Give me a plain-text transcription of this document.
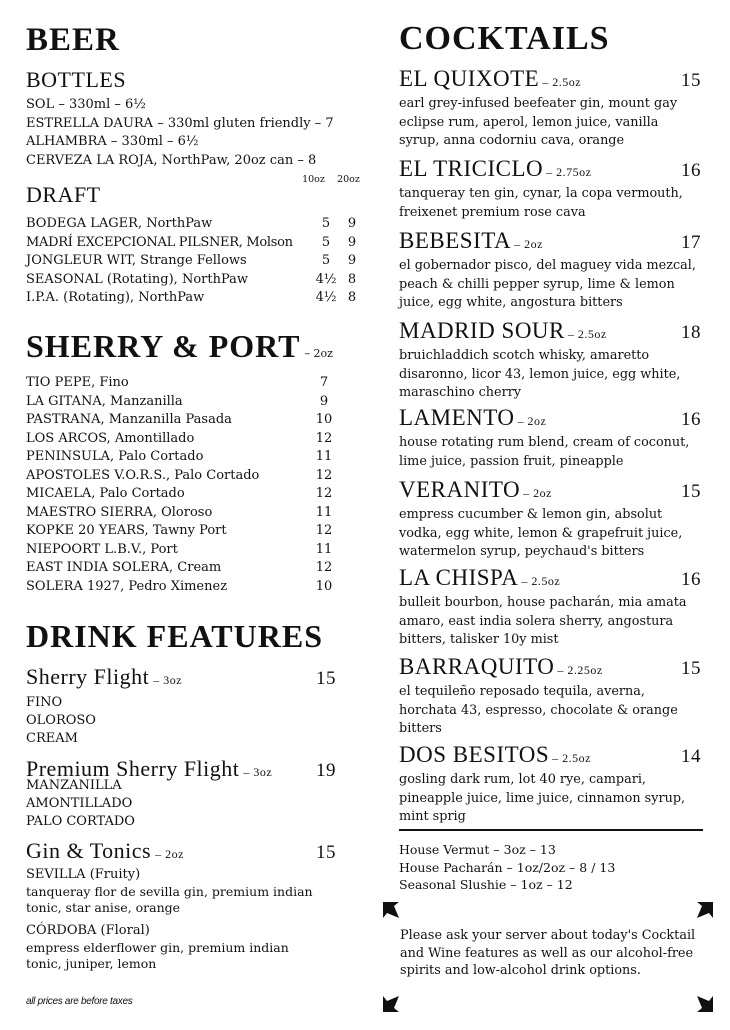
BEER
BOTTLES
SOL – 330ml – 6½
ESTRELLA DAURA – 330ml gluten friendly – 7
ALHAMBRA – 330ml – 6½
CERVEZA LA ROJA, NorthPaw, 20oz can – 8
10oz	20oz
DRAFT
BODEGA LAGER, NorthPaw	5	9
MADRÍ EXCEPCIONAL PILSNER, Molson	5	9
JONGLEUR WIT, Strange Fellows	5	9
SEASONAL (Rotating), NorthPaw	4½ 8
I.P.A. (Rotating), NorthPaw	4½ 8
SHERRY & PORT – 2oz
TIO PEPE, Fino	7
LA GITANA, Manzanilla	9
PASTRANA, Manzanilla Pasada	10
LOS ARCOS, Amontillado	12
PENINSULA, Palo Cortado	11
APOSTOLES V.O.R.S., Palo Cortado	12
MICAELA, Palo Cortado	12
MAESTRO SIERRA, Oloroso	11
KOPKE 20 YEARS, Tawny Port	12
NIEPOORT L.B.V., Port	11
EAST INDIA SOLERA, Cream	12
SOLERA 1927, Pedro Ximenez	10
DRINK FEATURES
Sherry Flight – 3oz	15
FINO
OLOROSO
CREAM
Premium Sherry Flight – 3oz	19
MANZANILLA
AMONTILLADO
PALO CORTADO
Gin & Tonics – 2oz	15
SEVILLA (Fruity)
tanqueray flor de sevilla gin, premium indian tonic, star anise, orange
CÓRDOBA (Floral)
empress elderflower gin, premium indian tonic, juniper, lemon
all prices are before taxes
COCKTAILS
EL QUIXOTE – 2.5oz	15
earl grey-infused beefeater gin, mount gay eclipse rum, aperol, lemon juice, vanilla syrup, anna codorniu cava, orange
EL TRICICLO – 2.75oz	16
tanqueray ten gin, cynar, la copa vermouth, freixenet premium rose cava
BEBESITA – 2oz	17
el gobernador pisco, del maguey vida mezcal, peach & chilli pepper syrup, lime & lemon juice, egg white, angostura bitters
MADRID SOUR – 2.5oz	18
bruichladdich scotch whisky, amaretto disaronno, licor 43, lemon juice, egg white, maraschino cherry
LAMENTO – 2oz	16
house rotating rum blend, cream of coconut, lime juice, passion fruit, pineapple
VERANITO – 2oz	15
empress cucumber & lemon gin, absolut vodka, egg white, lemon & grapefruit juice, watermelon syrup, peychaud's bitters
LA CHISPA – 2.5oz	16
bulleit bourbon, house pacharán, mia amata amaro, east india solera sherry, angostura bitters, talisker 10y mist
BARRAQUITO – 2.25oz	15
el tequileño reposado tequila, averna, horchata 43, espresso, chocolate & orange bitters
DOS BESITOS – 2.5oz	14
gosling dark rum, lot 40 rye, campari, pineapple juice, lime juice, cinnamon syrup, mint sprig
House Vermut – 3oz – 13
House Pacharán – 1oz/2oz – 8 / 13
Seasonal Slushie – 1oz – 12
Please ask your server about today's Cocktail and Wine features as well as our alcohol-free spirits and low-alcohol drink options.
